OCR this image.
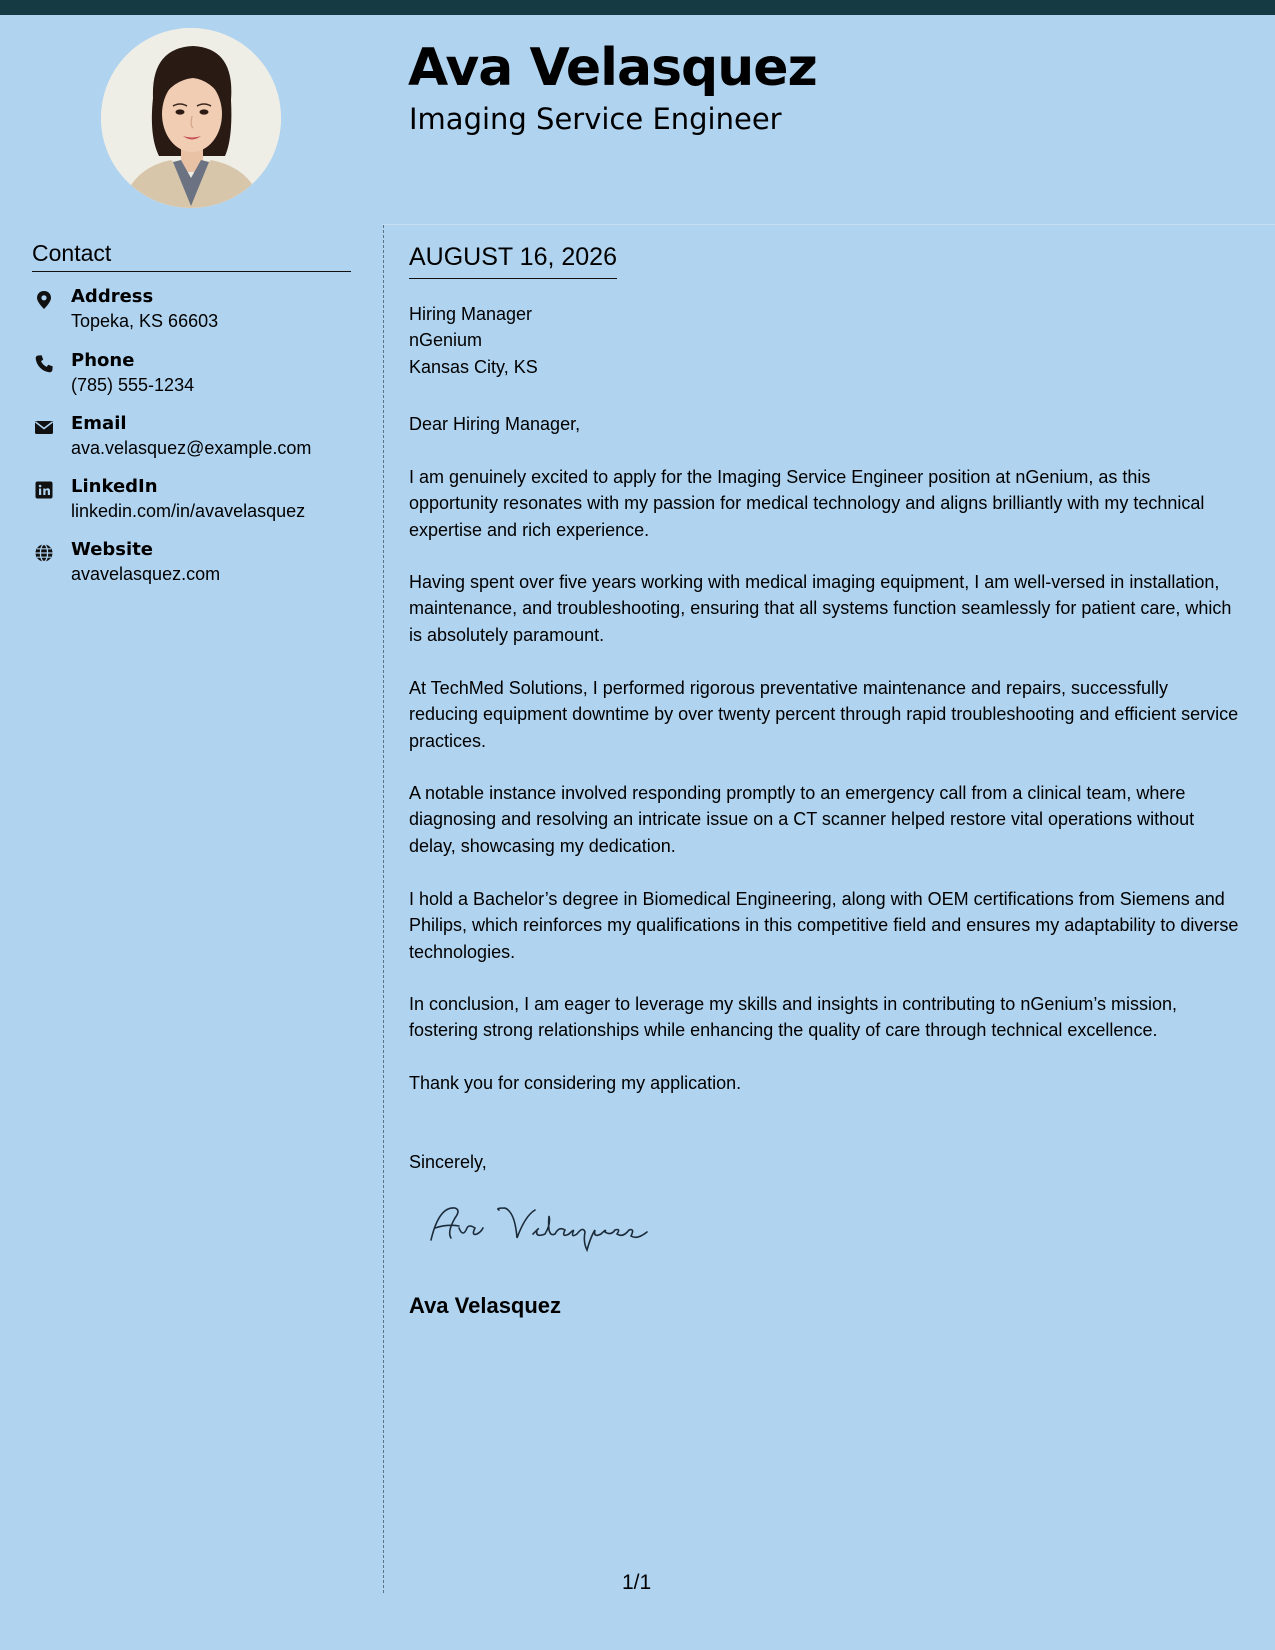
Ava Velasquez
Imaging Service Engineer
Contact
Address
Topeka, KS 66603
Phone
(785) 555-1234
Email
ava.velasquez@example.com
LinkedIn
linkedin.com/in/avavelasquez
Website
avavelasquez.com
AUGUST 16, 2026

Hiring Manager

nGenium

Kansas City, KS

Dear Hiring Manager,
I am genuinely excited to apply for the Imaging Service Engineer position at nGenium, as this opportunity resonates with my passion for medical technology and aligns brilliantly with my technical expertise and rich experience.
Having spent over five years working with medical imaging equipment, I am well-versed in installation, maintenance, and troubleshooting, ensuring that all systems function seamlessly for patient care, which is absolutely paramount.
At TechMed Solutions, I performed rigorous preventative maintenance and repairs, successfully reducing equipment downtime by over twenty percent through rapid troubleshooting and efficient service practices.
A notable instance involved responding promptly to an emergency call from a clinical team, where diagnosing and resolving an intricate issue on a CT scanner helped restore vital operations without delay, showcasing my dedication.
I hold a Bachelor’s degree in Biomedical Engineering, along with OEM certifications from Siemens and Philips, which reinforces my qualifications in this competitive field and ensures my adaptability to diverse technologies.
In conclusion, I am eager to leverage my skills and insights in contributing to nGenium’s mission, fostering strong relationships while enhancing the quality of care through technical excellence.
Thank you for considering my application.
Sincerely,
Ava Velasquez
1/1
